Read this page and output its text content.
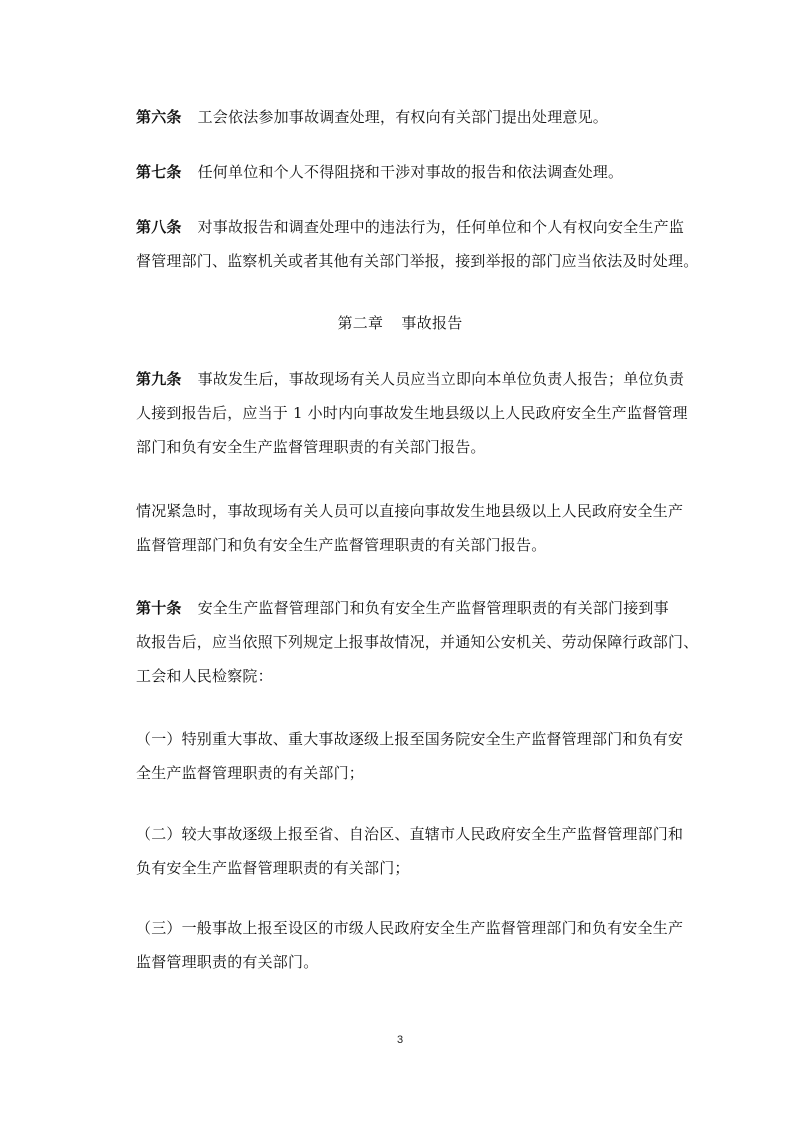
第六条 工会依法参加事故调查处理，有权向有关部门提出处理意见。
第七条 任何单位和个人不得阻挠和干涉对事故的报告和依法调查处理。
第八条 对事故报告和调查处理中的违法行为，任何单位和个人有权向安全生产监
督管理部门、监察机关或者其他有关部门举报，接到举报的部门应当依法及时处理。
第二章 事故报告
第九条 事故发生后，事故现场有关人员应当立即向本单位负责人报告；单位负责
人接到报告后，应当于 1 小时内向事故发生地县级以上人民政府安全生产监督管理
部门和负有安全生产监督管理职责的有关部门报告。
情况紧急时，事故现场有关人员可以直接向事故发生地县级以上人民政府安全生产
监督管理部门和负有安全生产监督管理职责的有关部门报告。
第十条 安全生产监督管理部门和负有安全生产监督管理职责的有关部门接到事
故报告后，应当依照下列规定上报事故情况，并通知公安机关、劳动保障行政部门、
工会和人民检察院：
（一）特别重大事故、重大事故逐级上报至国务院安全生产监督管理部门和负有安
全生产监督管理职责的有关部门；
（二）较大事故逐级上报至省、自治区、直辖市人民政府安全生产监督管理部门和
负有安全生产监督管理职责的有关部门；
（三）一般事故上报至设区的市级人民政府安全生产监督管理部门和负有安全生产
监督管理职责的有关部门。
3
